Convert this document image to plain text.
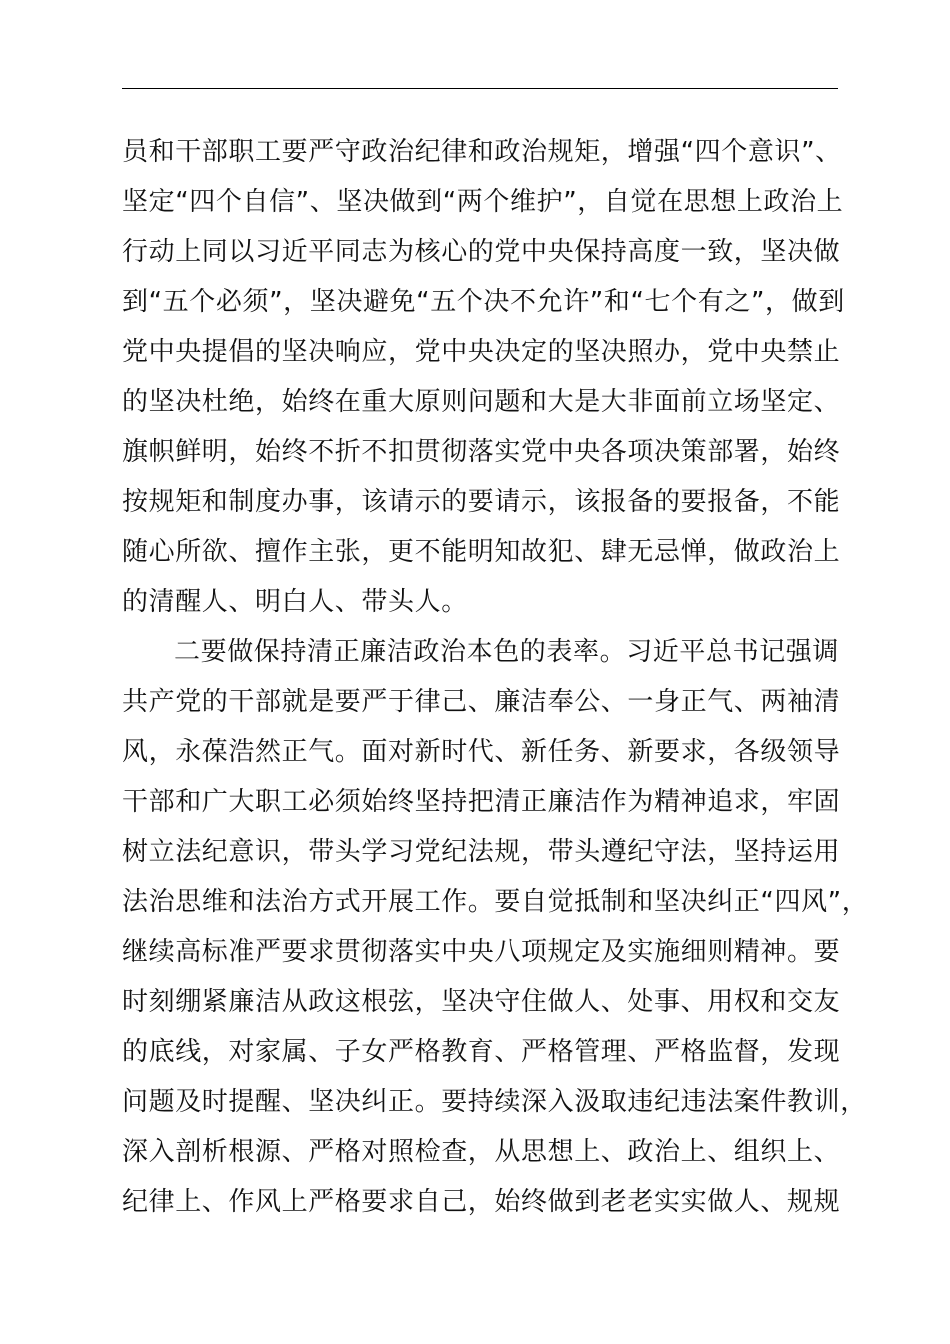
员和干部职工要严守政治纪律和政治规矩，增强“四个意识”、
坚定“四个自信”、坚决做到“两个维护”，自觉在思想上政治上
行动上同以习近平同志为核心的党中央保持高度一致，坚决做
到“五个必须”，坚决避免“五个决不允许”和“七个有之”，做到
党中央提倡的坚决响应，党中央决定的坚决照办，党中央禁止
的坚决杜绝，始终在重大原则问题和大是大非面前立场坚定、
旗帜鲜明，始终不折不扣贯彻落实党中央各项决策部署，始终
按规矩和制度办事，该请示的要请示，该报备的要报备，不能
随心所欲、擅作主张，更不能明知故犯、肆无忌惮，做政治上
的清醒人、明白人、带头人。
二要做保持清正廉洁政治本色的表率。习近平总书记强调
共产党的干部就是要严于律己、廉洁奉公、一身正气、两袖清
风，永葆浩然正气。面对新时代、新任务、新要求，各级领导
干部和广大职工必须始终坚持把清正廉洁作为精神追求，牢固
树立法纪意识，带头学习党纪法规，带头遵纪守法，坚持运用
法治思维和法治方式开展工作。要自觉抵制和坚决纠正“四风”，
继续高标准严要求贯彻落实中央八项规定及实施细则精神。要
时刻绷紧廉洁从政这根弦，坚决守住做人、处事、用权和交友
的底线，对家属、子女严格教育、严格管理、严格监督，发现
问题及时提醒、坚决纠正。要持续深入汲取违纪违法案件教训，
深入剖析根源、严格对照检查，从思想上、政治上、组织上、
纪律上、作风上严格要求自己，始终做到老老实实做人、规规
